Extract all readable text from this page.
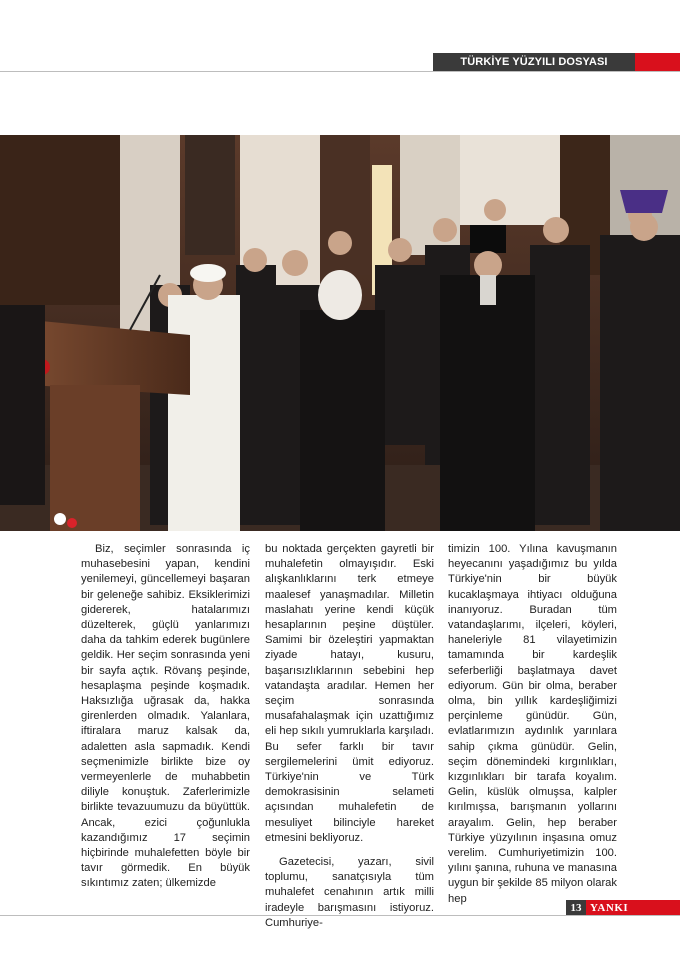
TÜRKİYE YÜZYILI DOSYASI

Biz, seçimler sonrasında iç muhasebesini yapan, kendini yenilemeyi, güncellemeyi başaran bir geleneğe sahibiz. Eksiklerimizi gidererek, hatalarımızı düzelterek, güçlü yanlarımızı daha da tahkim ederek bugünlere geldik. Her seçim sonrasında yeni bir sayfa açtık. Rövanş peşinde, hesaplaşma peşinde koşmadık. Haksızlığa uğrasak da, hakka girenlerden olmadık. Yalanlara, iftiralara maruz kalsak da, adaletten asla sapmadık. Kendi seçmenimizle birlikte bize oy vermeyenlerle de muhabbetin diliyle konuştuk. Zaferlerimizle birlikte tevazuumuzu da büyüttük. Ancak, ezici çoğunlukla kazandığımız 17 seçimin hiçbirinde muhalefetten böyle bir tavır görmedik. En büyük sıkıntımız zaten; ülkemizde

bu noktada gerçekten gayretli bir muhalefetin olmayışıdır. Eski alışkanlıklarını terk etmeye maalesef yanaşmadılar. Milletin maslahatı yerine kendi küçük hesaplarının peşine düştüler. Samimi bir özeleştiri yapmaktan ziyade hatayı, kusuru, başarısızlıklarının sebebini hep vatandaşta aradılar. Hemen her seçim sonrasında musafahalaşmak için uzattığımız eli hep sıkılı yumruklarla karşıladı. Bu sefer farklı bir tavır sergilemelerini ümit ediyoruz. Türkiye'nin ve Türk demokrasisinin selameti açısından muhalefetin de mesuliyet bilinciyle hareket etmesini bekliyoruz.

Gazetecisi, yazarı, sivil toplumu, sanatçısıyla tüm muhalefet cenahının artık milli iradeyle barışmasını istiyoruz. Cumhuriye-

timizin 100. Yılına kavuşmanın heyecanını yaşadığımız bu yılda Türkiye'nin bir büyük kucaklaşmaya ihtiyacı olduğuna inanıyoruz. Buradan tüm vatandaşlarımı, ilçeleri, köyleri, haneleriyle 81 vilayetimizin tamamında bir kardeşlik seferberliği başlatmaya davet ediyorum. Gün bir olma, beraber olma, bin yıllık kardeşliğimizi perçinleme günüdür. Gün, evlatlarımızın aydınlık yarınlara sahip çıkma günüdür. Gelin, seçim dönemindeki kırgınlıkları, kızgınlıkları bir tarafa koyalım. Gelin, küslük olmuşsa, kalpler kırılmışsa, barışmanın yollarını arayalım. Gelin, hep beraber Türkiye yüzyılının inşasına omuz verelim. Cumhuriyetimizin 100. yılını şanına, ruhuna ve manasına uygun bir şekilde 85 milyon olarak hep

13 YANKI
